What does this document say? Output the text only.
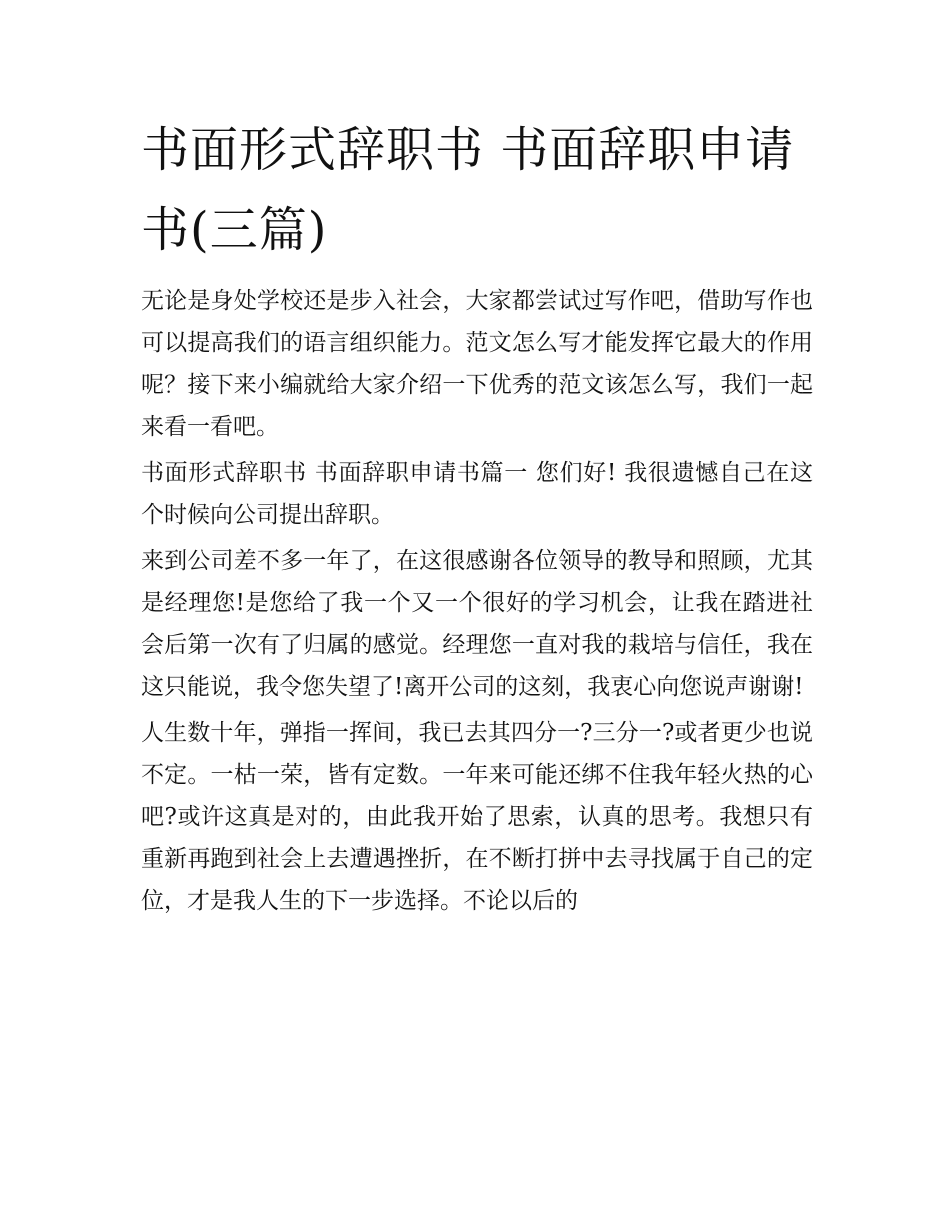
书面形式辞职书 书面辞职申请书(三篇)

无论是身处学校还是步入社会，大家都尝试过写作吧，借助写作也可以提高我们的语言组织能力。范文怎么写才能发挥它最大的作用呢？接下来小编就给大家介绍一下优秀的范文该怎么写，我们一起来看一看吧。

书面形式辞职书 书面辞职申请书篇一 您们好! 我很遗憾自己在这个时候向公司提出辞职。

来到公司差不多一年了，在这很感谢各位领导的教导和照顾，尤其是经理您!是您给了我一个又一个很好的学习机会，让我在踏进社会后第一次有了归属的感觉。经理您一直对我的栽培与信任，我在这只能说，我令您失望了!离开公司的这刻，我衷心向您说声谢谢!

人生数十年，弹指一挥间，我已去其四分一?三分一?或者更少也说不定。一枯一荣，皆有定数。一年来可能还绑不住我年轻火热的心吧?或许这真是对的，由此我开始了思索，认真的思考。我想只有重新再跑到社会上去遭遇挫折，在不断打拼中去寻找属于自己的定位，才是我人生的下一步选择。不论以后的
